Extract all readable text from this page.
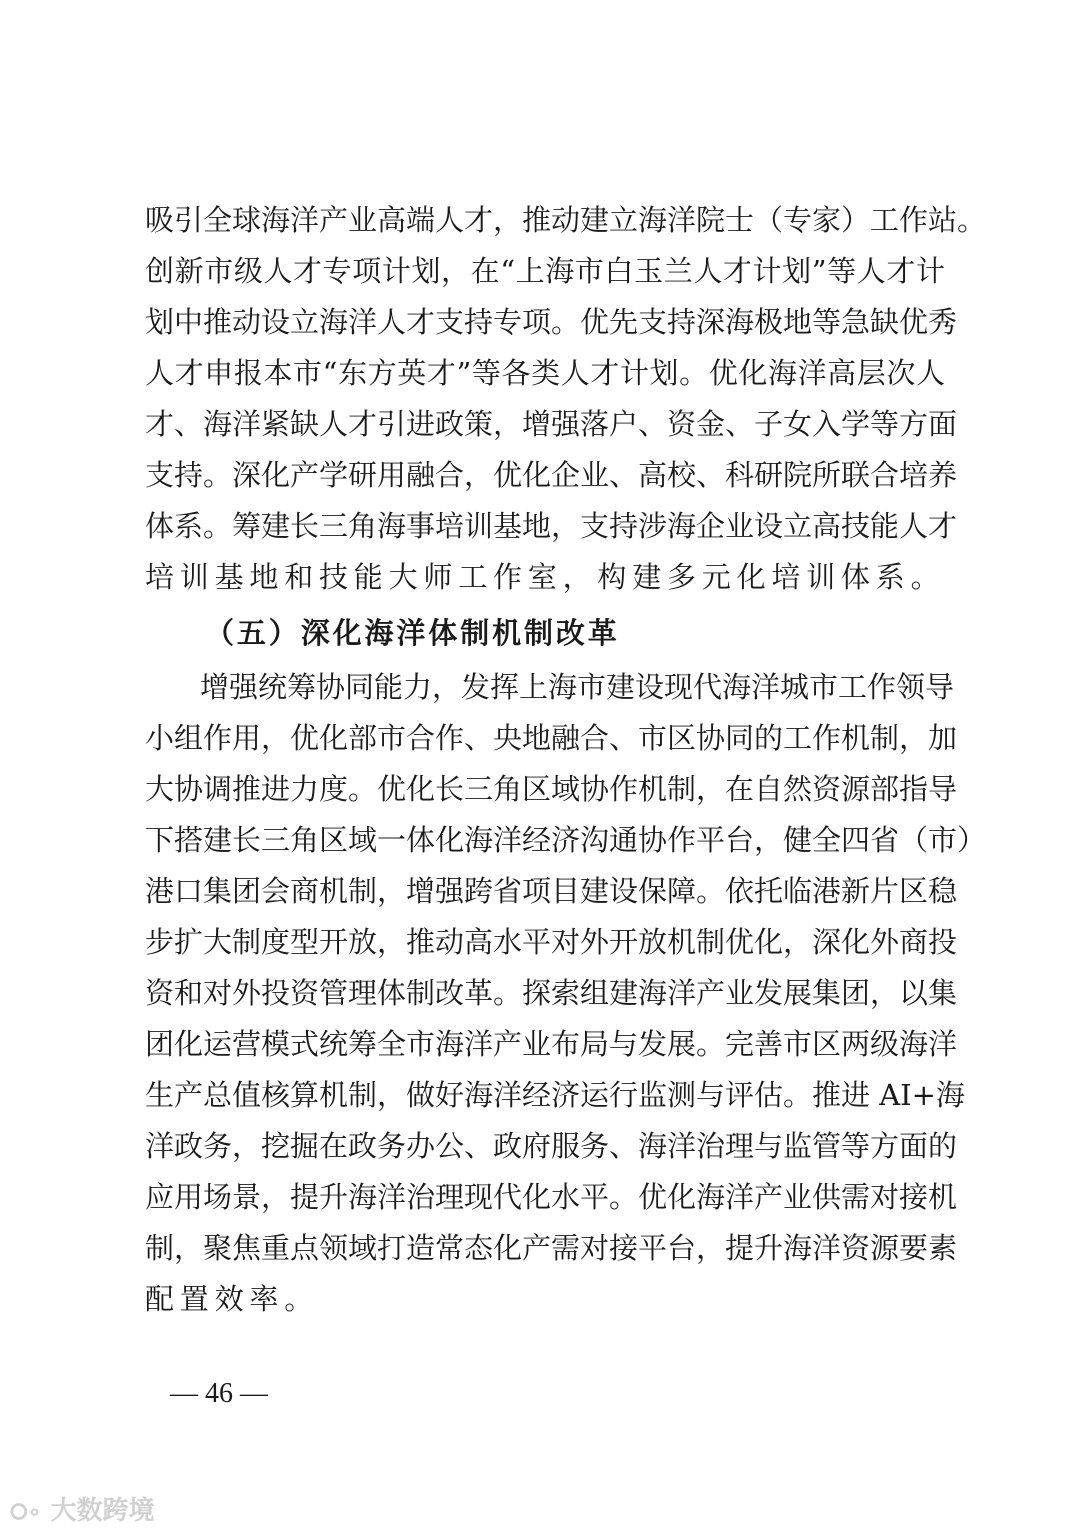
吸引全球海洋产业高端人才，推动建立海洋院士（专家）工作站。
创新市级人才专项计划，在“上海市白玉兰人才计划”等人才计
划中推动设立海洋人才支持专项。优先支持深海极地等急缺优秀
人才申报本市“东方英才”等各类人才计划。优化海洋高层次人
才、海洋紧缺人才引进政策，增强落户、资金、子女入学等方面
支持。深化产学研用融合，优化企业、高校、科研院所联合培养
体系。筹建长三角海事培训基地，支持涉海企业设立高技能人才
培训基地和技能大师工作室，构建多元化培训体系。
（五）深化海洋体制机制改革
增强统筹协同能力，发挥上海市建设现代海洋城市工作领导
小组作用，优化部市合作、央地融合、市区协同的工作机制，加
大协调推进力度。优化长三角区域协作机制，在自然资源部指导
下搭建长三角区域一体化海洋经济沟通协作平台，健全四省（市）
港口集团会商机制，增强跨省项目建设保障。依托临港新片区稳
步扩大制度型开放，推动高水平对外开放机制优化，深化外商投
资和对外投资管理体制改革。探索组建海洋产业发展集团，以集
团化运营模式统筹全市海洋产业布局与发展。完善市区两级海洋
生产总值核算机制，做好海洋经济运行监测与评估。推进 AI+海
洋政务，挖掘在政务办公、政府服务、海洋治理与监管等方面的
应用场景，提升海洋治理现代化水平。优化海洋产业供需对接机
制，聚焦重点领域打造常态化产需对接平台，提升海洋资源要素
配置效率。
— 46 —
⭘∘ 大数跨境
